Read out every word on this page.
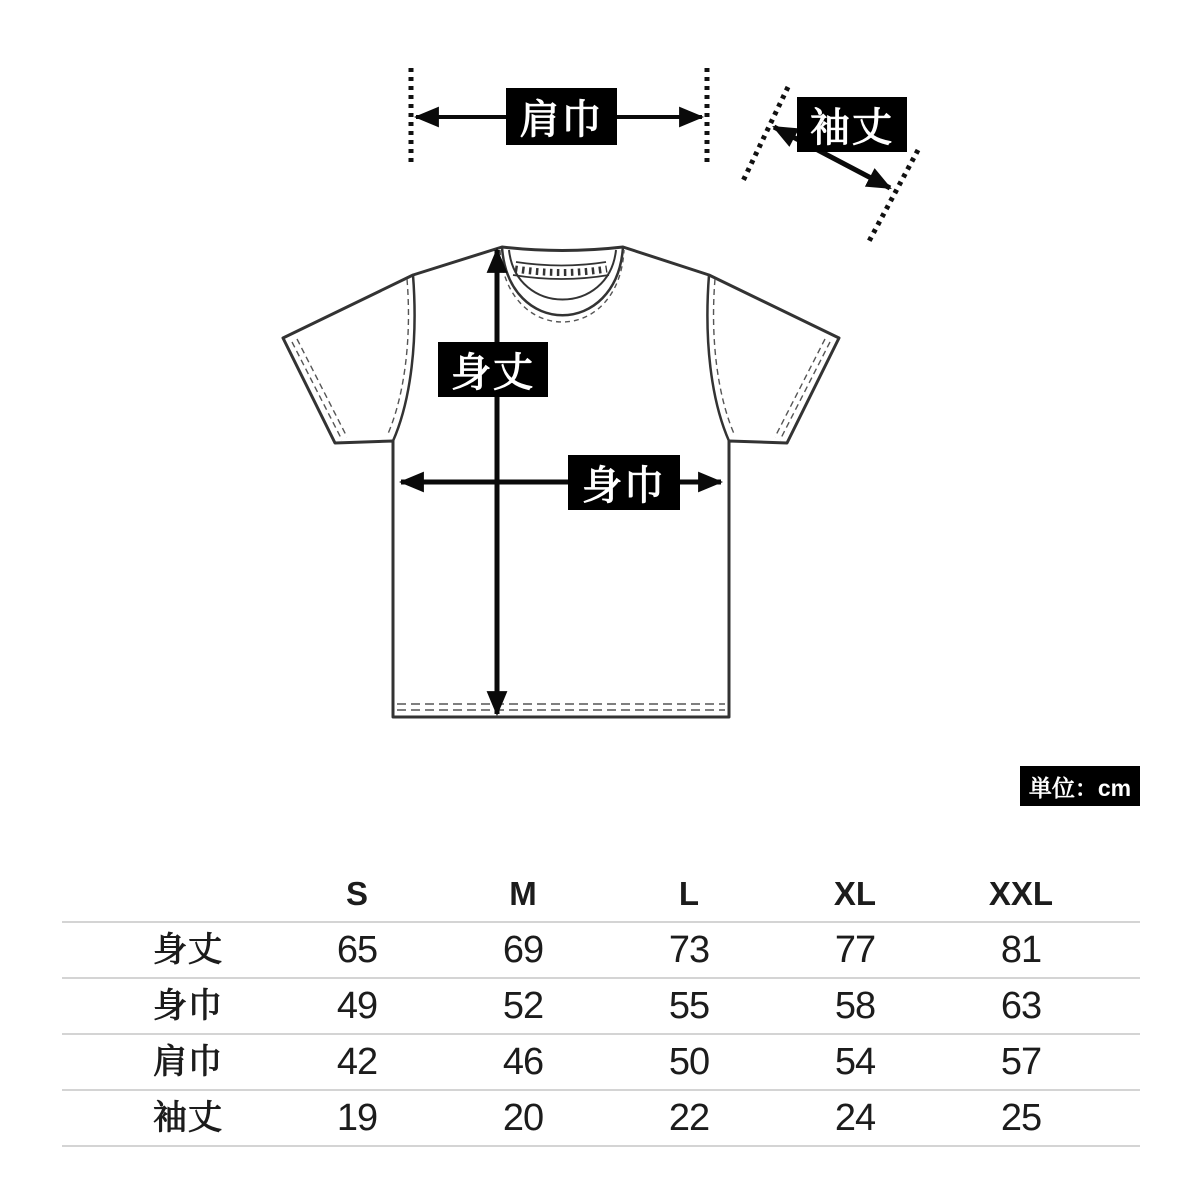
肩巾	袖丈
身丈
身巾
単位：cm
S	M	L	XL	XXL
身丈	65	69	73	77	81
身巾	49	52	55	58	63
肩巾	42	46	50	54	57
袖丈	19	20	22	24	25
